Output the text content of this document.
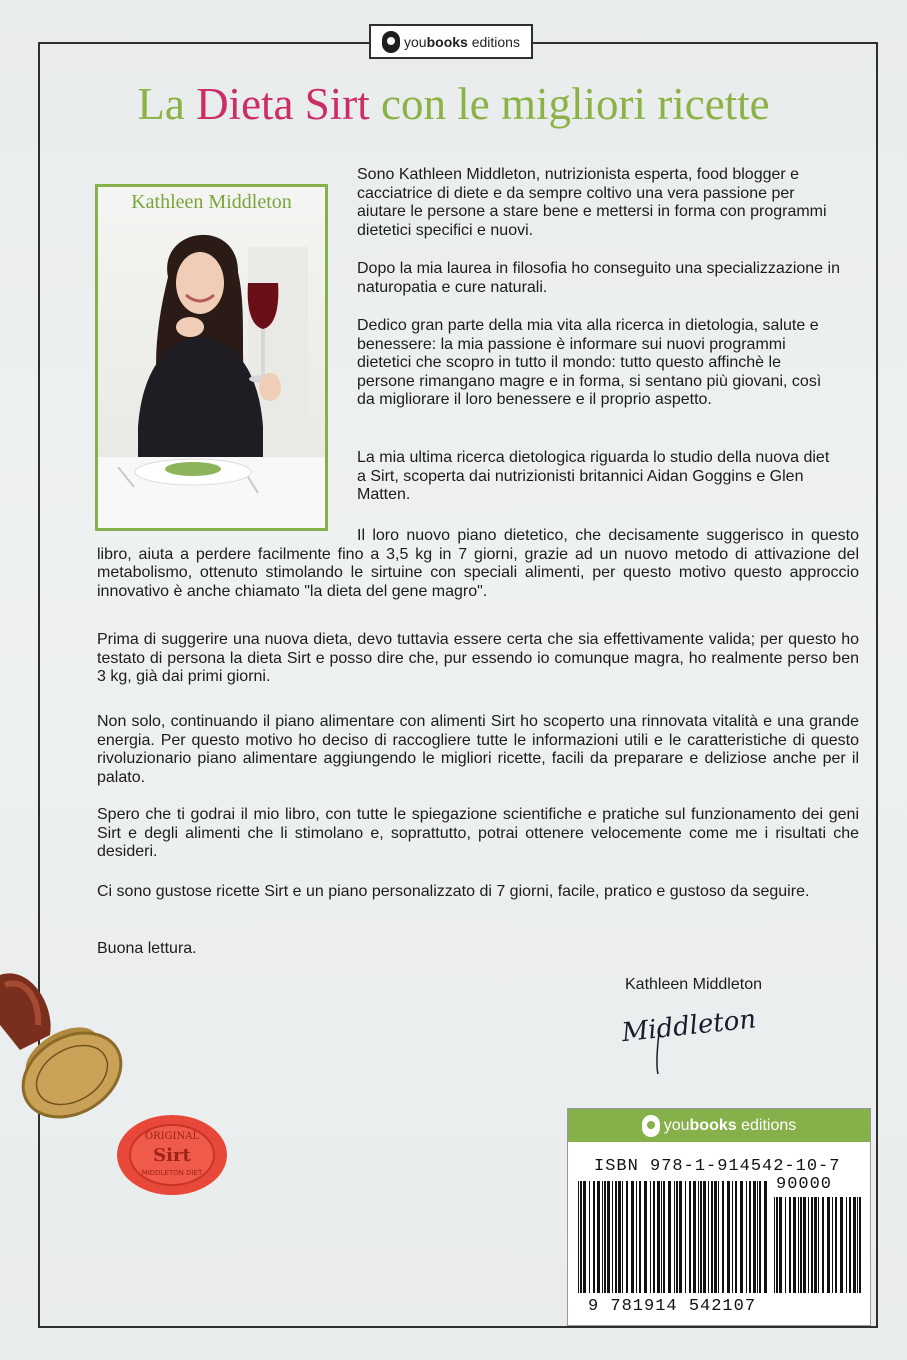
youbooks editions
La Dieta Sirt con le migliori ricette
Kathleen Middleton

Sono Kathleen Middleton, nutrizionista esperta, food blogger e cacciatrice di diete e da sempre coltivo una vera passione per aiutare le persone a stare bene e mettersi in forma con programmi dietetici specifici e nuovi.

Dopo la mia laurea in filosofia ho conseguito una specializzazione in naturopatia e cure naturali.

Dedico gran parte della mia vita alla ricerca in dietologia, salute e benessere: la mia passione è informare sui nuovi programmi dietetici che scopro in tutto il mondo: tutto questo affinchè le persone rimangano magre e in forma, si sentano più giovani, così da migliorare il loro benessere e il proprio aspetto.

La mia ultima ricerca dietologica riguarda lo studio della nuova diet a Sirt, scoperta dai nutrizionisti britannici Aidan Goggins e Glen Matten.

Il loro nuovo piano dietetico, che decisamente suggerisco in questo libro, aiuta a perdere facilmente fino a 3,5 kg in 7 giorni, grazie ad un nuovo metodo di attivazione del metabolismo, ottenuto stimolando le sirtuine con speciali alimenti, per questo motivo questo approccio innovativo è anche chiamato "la dieta del gene magro".

Prima di suggerire una nuova dieta, devo tuttavia essere certa che sia effettivamente valida; per questo ho testato di persona la dieta Sirt e posso dire che, pur essendo io comunque magra, ho realmente perso ben 3 kg, già dai primi giorni.

Non solo, continuando il piano alimentare con alimenti Sirt ho scoperto una rinnovata vitalità e una grande energia. Per questo motivo ho deciso di raccogliere tutte le informazioni utili e le caratteristiche di questo rivoluzionario piano alimentare aggiungendo le migliori ricette, facili da preparare e deliziose anche per il palato.

Spero che ti godrai il mio libro, con tutte le spiegazione scientifiche e pratiche sul funzionamento dei geni Sirt e degli alimenti che li stimolano e, soprattutto, potrai ottenere velocemente come me i risultati che desideri.

Ci sono gustose ricette Sirt e un piano personalizzato di 7 giorni, facile, pratico e gustoso da seguire.

Buona lettura.

Kathleen Middleton
Middleton
ORIGINAL
Sirt
MIDDLETON DIET
youbooks editions
ISBN 978-1-914542-10-7
90000
9 781914 542107
